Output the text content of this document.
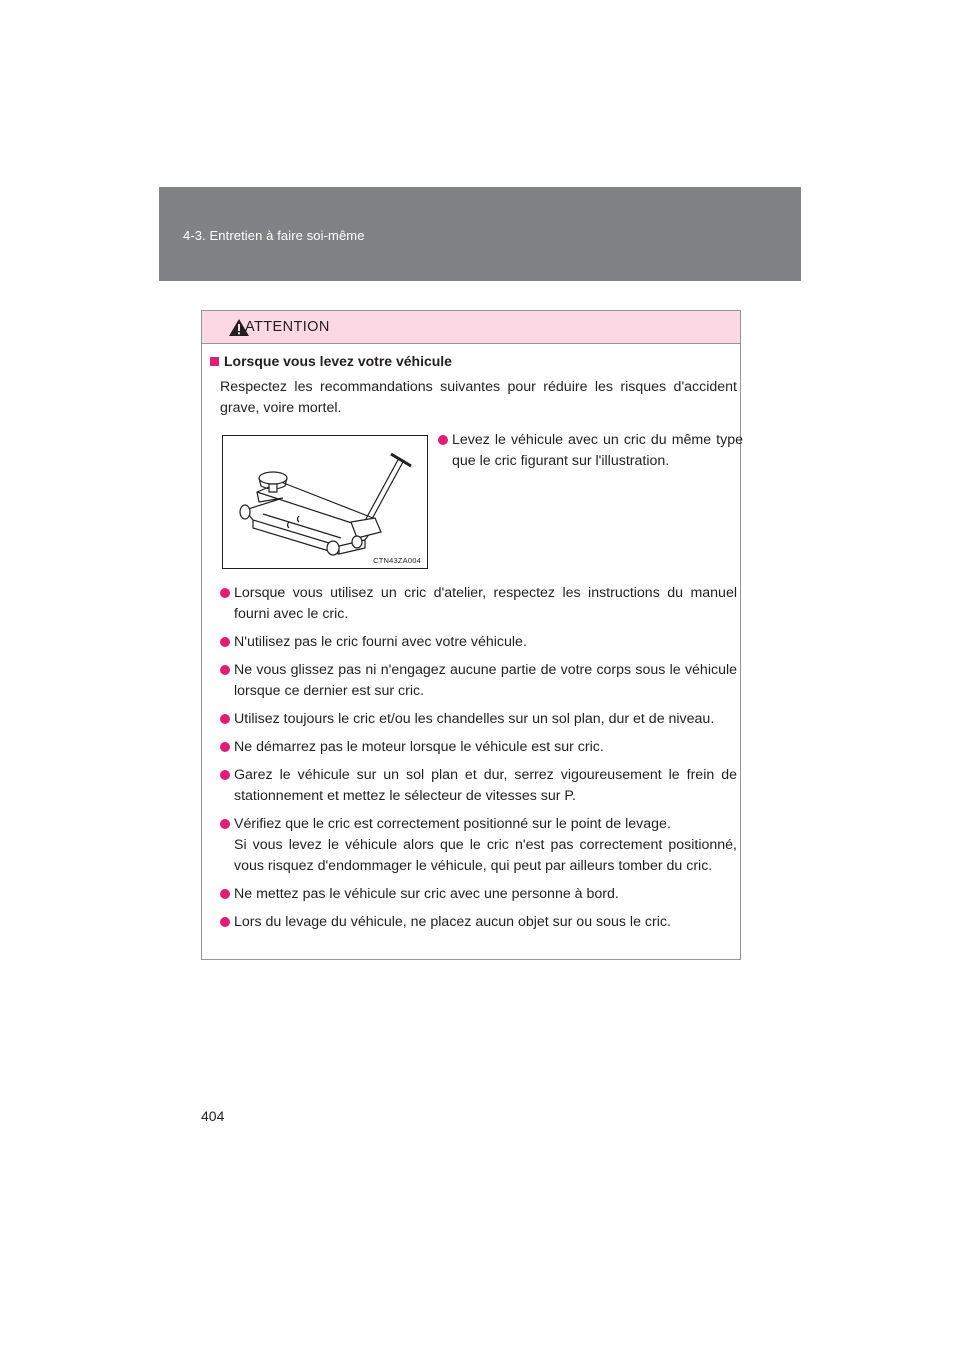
4-3. Entretien à faire soi-même
ATTENTION
Lorsque vous levez votre véhicule
Respectez les recommandations suivantes pour réduire les risques d'accident grave, voire mortel.
CTN43ZA004
Levez le véhicule avec un cric du même type que le cric figurant sur l'illustration.
Lorsque vous utilisez un cric d'atelier, respectez les instructions du manuel fourni avec le cric.
N'utilisez pas le cric fourni avec votre véhicule.
Ne vous glissez pas ni n'engagez aucune partie de votre corps sous le véhicule lorsque ce dernier est sur cric.
Utilisez toujours le cric et/ou les chandelles sur un sol plan, dur et de niveau.
Ne démarrez pas le moteur lorsque le véhicule est sur cric.
Garez le véhicule sur un sol plan et dur, serrez vigoureusement le frein de stationnement et mettez le sélecteur de vitesses sur P.
Vérifiez que le cric est correctement positionné sur le point de levage.
Si vous levez le véhicule alors que le cric n'est pas correctement positionné, vous risquez d'endommager le véhicule, qui peut par ailleurs tomber du cric.
Ne mettez pas le véhicule sur cric avec une personne à bord.
Lors du levage du véhicule, ne placez aucun objet sur ou sous le cric.
404
